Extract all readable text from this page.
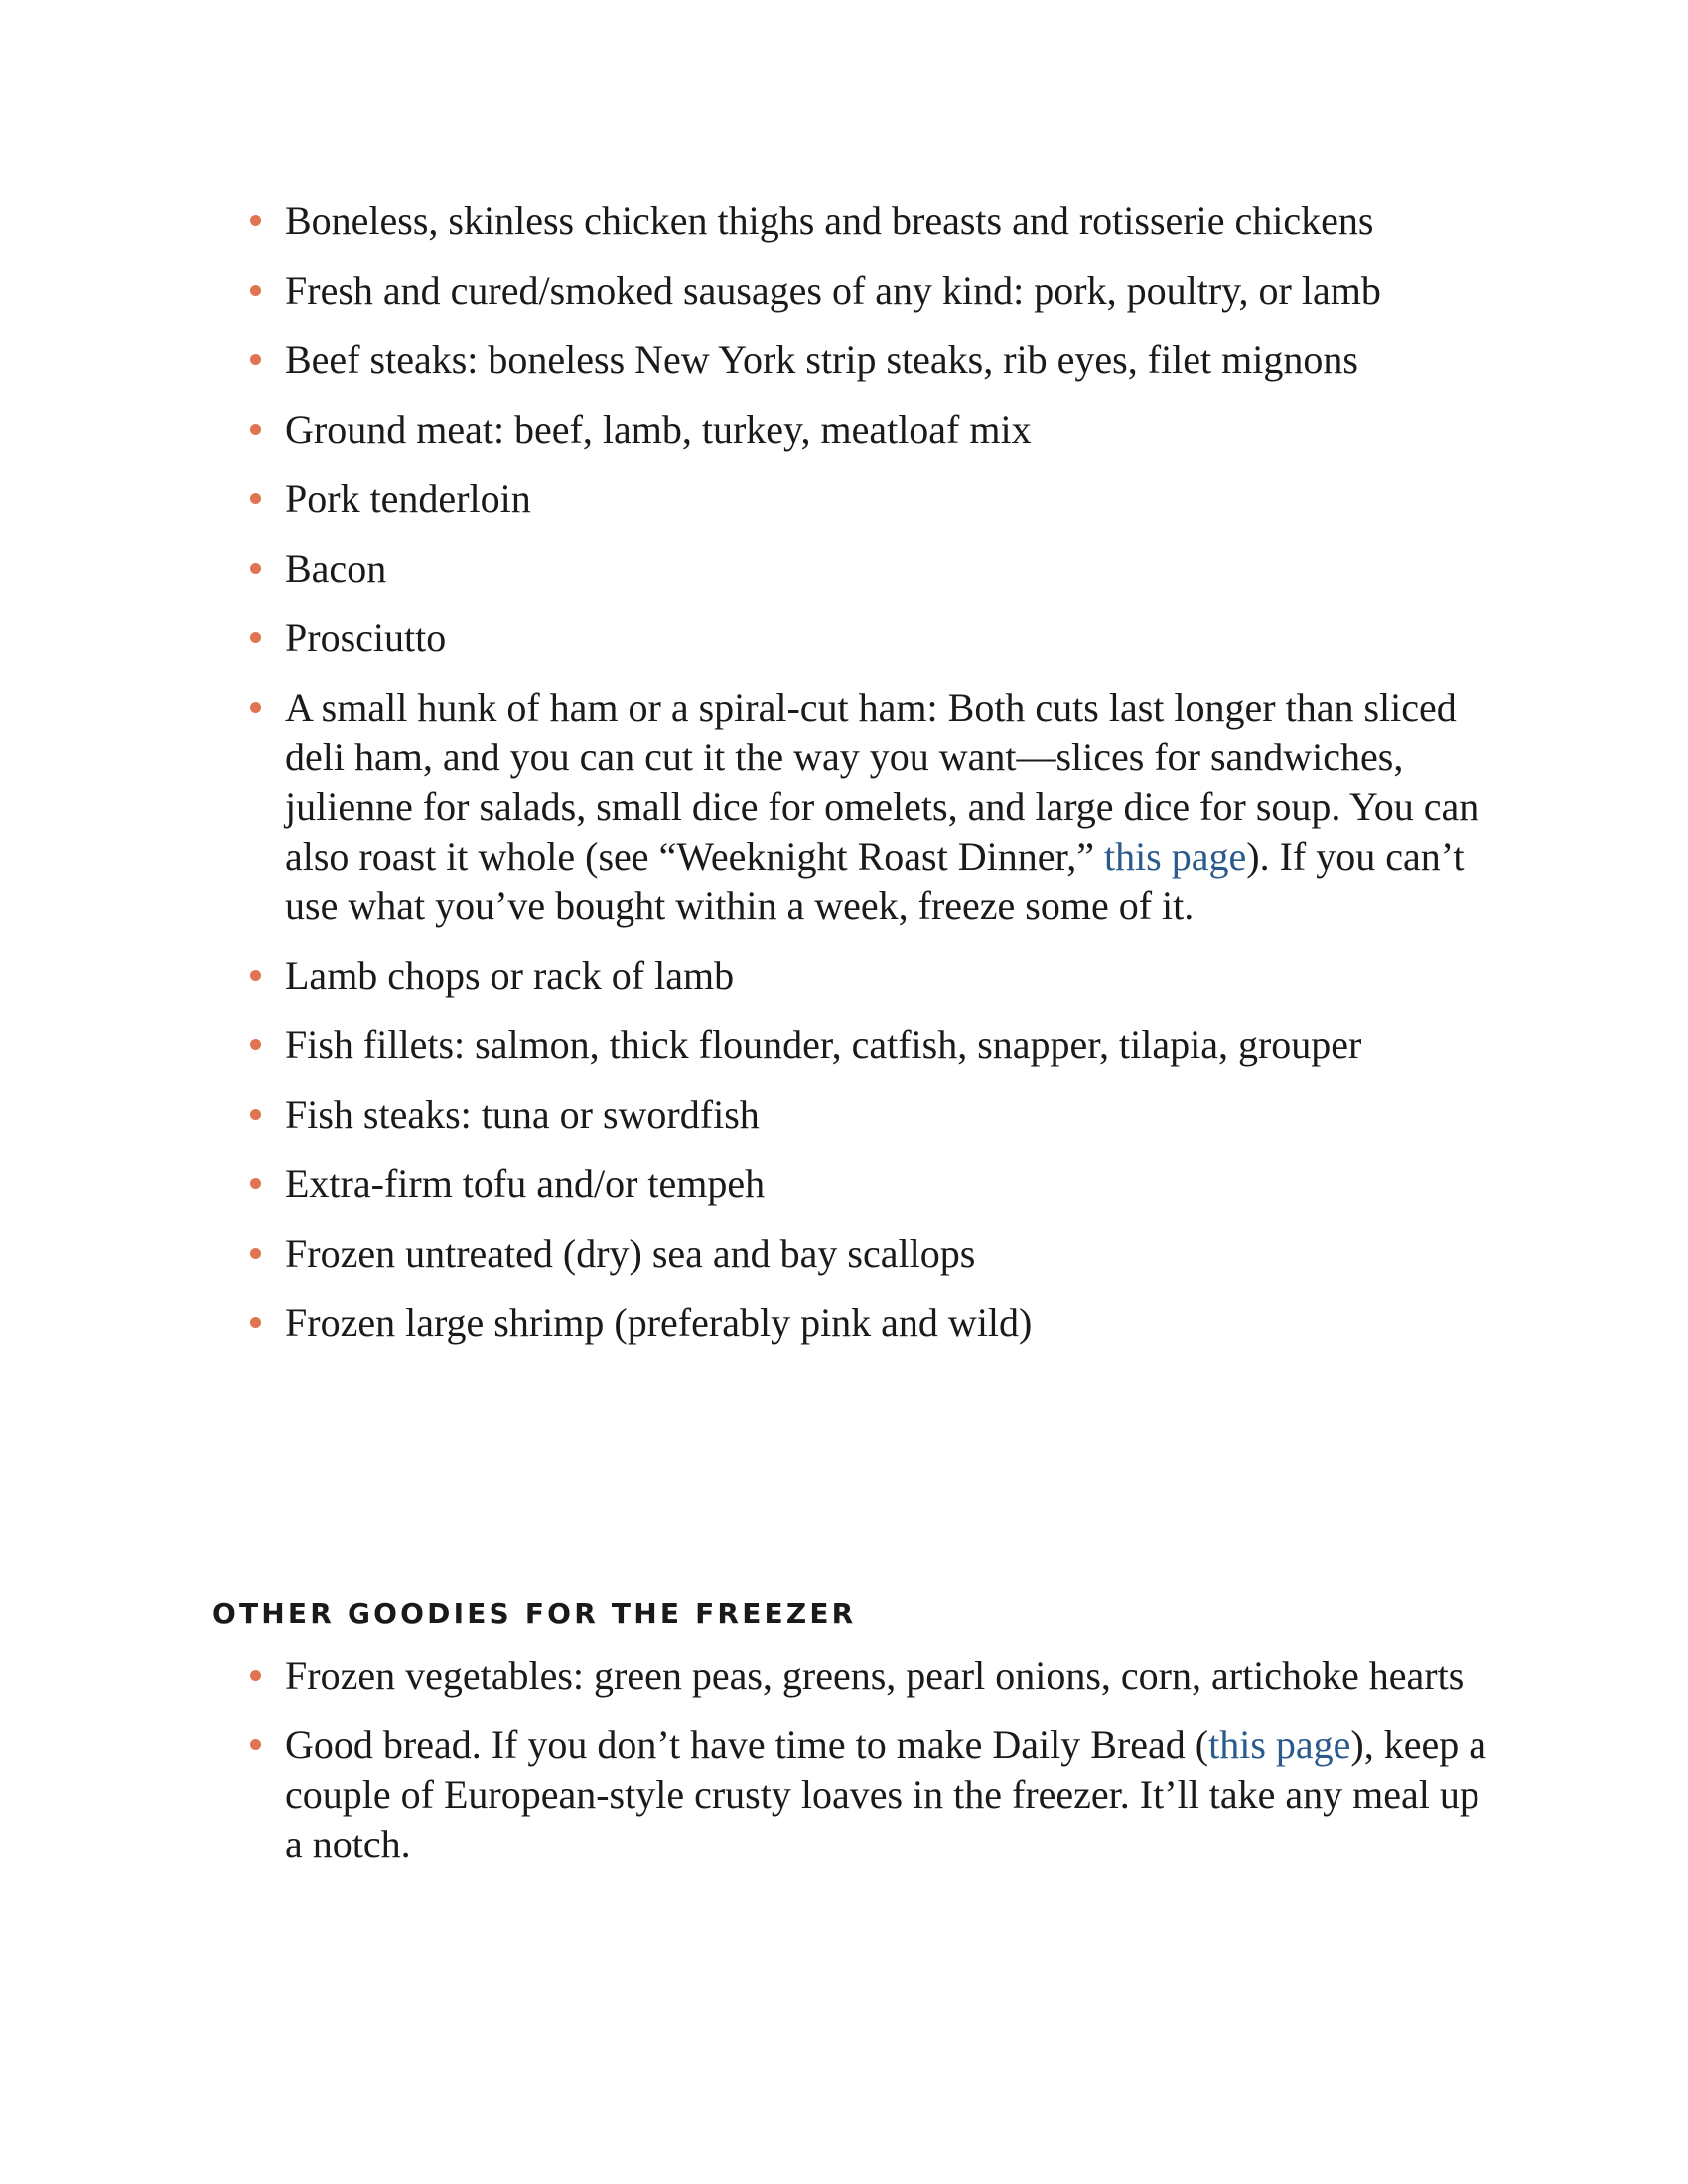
Boneless, skinless chicken thighs and breasts and rotisserie chickens
Fresh and cured/smoked sausages of any kind: pork, poultry, or lamb
Beef steaks: boneless New York strip steaks, rib eyes, filet mignons
Ground meat: beef, lamb, turkey, meatloaf mix
Pork tenderloin
Bacon
Prosciutto
A small hunk of ham or a spiral-cut ham: Both cuts last longer than sliced deli ham, and you can cut it the way you want—slices for sandwiches, julienne for salads, small dice for omelets, and large dice for soup. You can also roast it whole (see “Weeknight Roast Dinner,” this page). If you can’t use what you’ve bought within a week, freeze some of it.
Lamb chops or rack of lamb
Fish fillets: salmon, thick flounder, catfish, snapper, tilapia, grouper
Fish steaks: tuna or swordfish
Extra-firm tofu and/or tempeh
Frozen untreated (dry) sea and bay scallops
Frozen large shrimp (preferably pink and wild)
OTHER GOODIES FOR THE FREEZER
Frozen vegetables: green peas, greens, pearl onions, corn, artichoke hearts
Good bread. If you don’t have time to make Daily Bread (this page), keep a couple of European-style crusty loaves in the freezer. It’ll take any meal up a notch.
